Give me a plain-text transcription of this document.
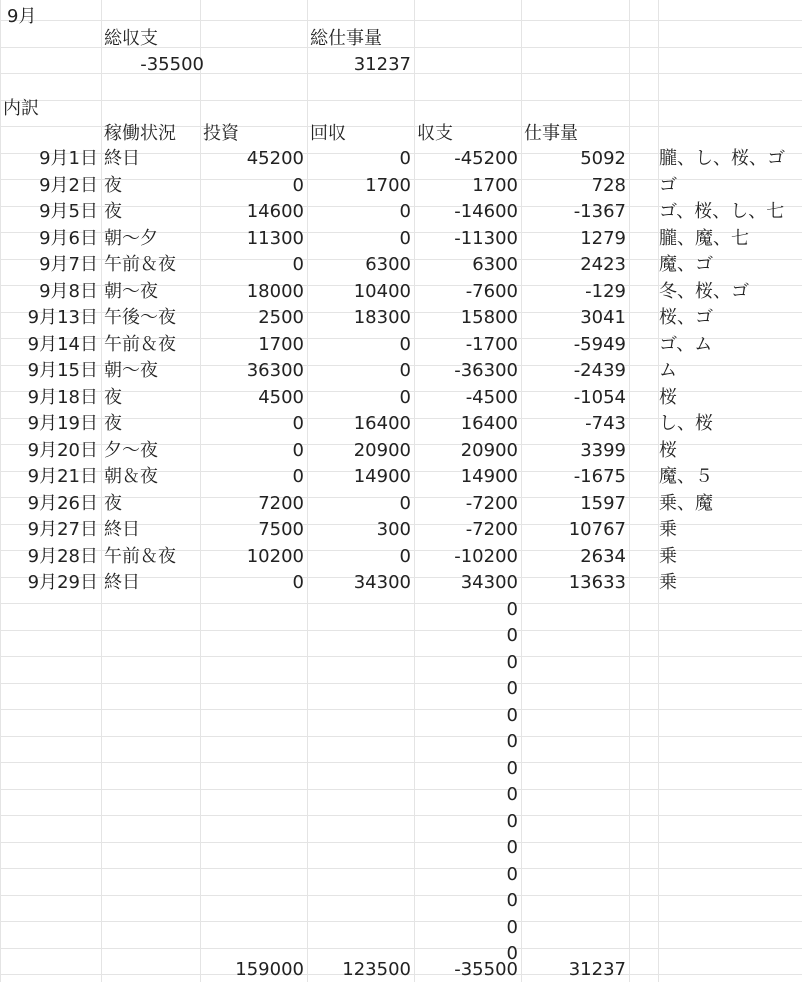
9月
総収支	総仕事量
-35500	31237
内訳
稼働状況	投資	回収	収支	仕事量
9月1日 終日	45200	0	-45200	5092 朧、し、桜、ゴ
9月2日 夜	0	1700	1700	728 ゴ
9月5日 夜	14600	0	-14600	-1367 ゴ、桜、し、七
9月6日 朝〜夕	11300	0	-11300	1279 朧、魔、七
9月7日 午前＆夜	0	6300	6300	2423 魔、ゴ
9月8日 朝〜夜	18000	10400	-7600	-129 冬、桜、ゴ
9月13日 午後〜夜	2500	18300	15800	3041 桜、ゴ
9月14日 午前＆夜	1700	0	-1700	-5949 ゴ、ム
9月15日 朝〜夜	36300	0	-36300	-2439 ム
9月18日 夜	4500	0	-4500	-1054 桜
9月19日 夜	0	16400	16400	-743 し、桜
9月20日 夕〜夜	0	20900	20900	3399 桜
9月21日 朝＆夜	0	14900	14900	-1675 魔、５
9月26日 夜	7200	0	-7200	1597 乗、魔
9月27日 終日	7500	300	-7200	10767 乗
9月28日 午前＆夜	10200	0	-10200	2634 乗
9月29日 終日	0	34300	34300	13633 乗
0
0
0
0
0
0
0
0
0
0
0
0
0
0
159000	123500	-35500	31237
